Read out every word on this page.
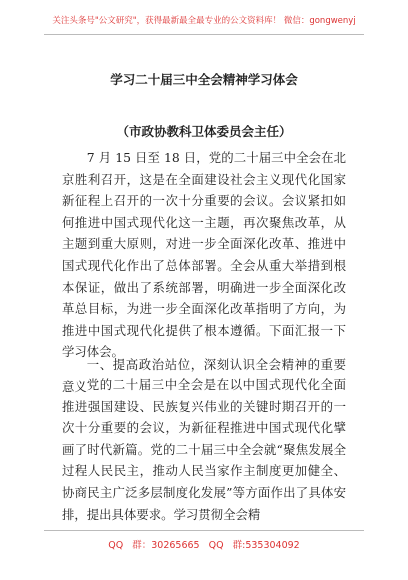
关注头条号"公文研究"，获得最新最全最专业的公文资料库！ 微信：gongwenyj
学习二十届三中全会精神学习体会
（市政协教科卫体委员会主任）

7 月 15 日至 18 日，党的二十届三中全会在北京胜利召开，这是在全面建设社会主义现代化国家新征程上召开的一次十分重要的会议。会议紧扣如何推进中国式现代化这一主题，再次聚焦改革，从主题到重大原则，对进一步全面深化改革、推进中国式现代化作出了总体部署。全会从重大举措到根本保证，做出了系统部署，明确进一步全面深化改革总目标，为进一步全面深化改革指明了方向，为推进中国式现代化提供了根本遵循。下面汇报一下学习体会。

一、提高政治站位，深刻认识全会精神的重要意义 党的二十届三中全会是在以中国式现代化全面推进强国建设、民族复兴伟业的关键时期召开的一次十分重要的会议，为新征程推进中国式现代化擘画了时代新篇。党的二十届三中全会就“聚焦发展全过程人民民主，推动人民当家作主制度更加健全、协商民主广泛多层制度化发展”等方面作出了具体安排，提出具体要求。学习贯彻全会精

QQ 群：30265665 QQ 群:535304092
